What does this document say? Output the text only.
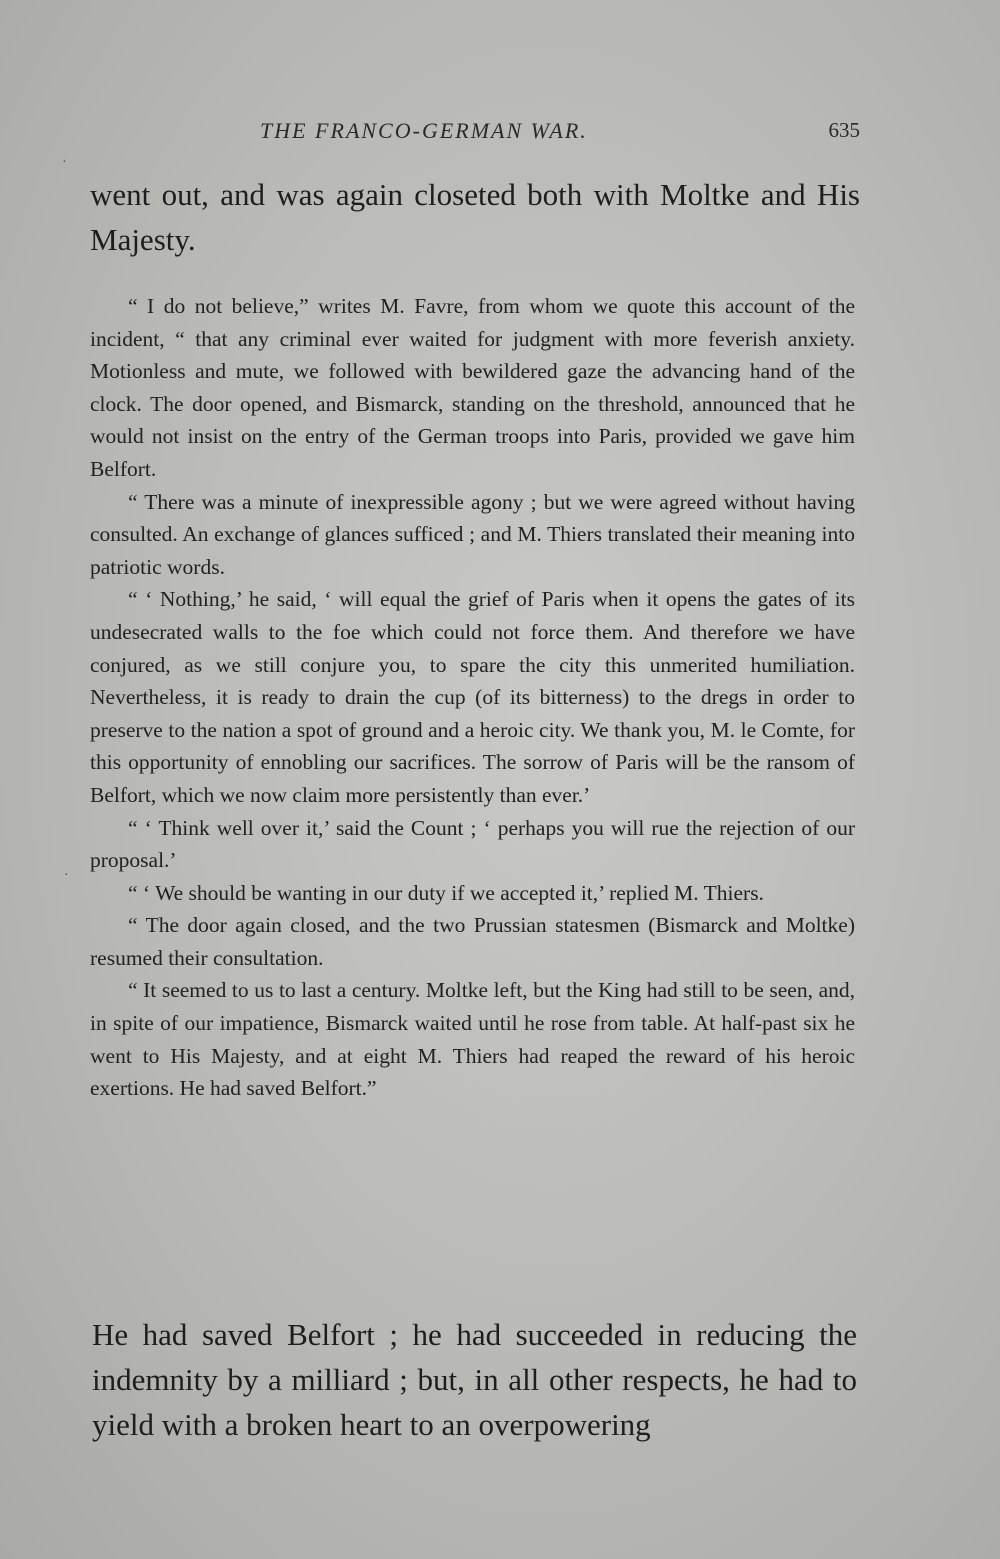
THE FRANCO-GERMAN WAR.	635
went out, and was again closeted both with Moltke and His Majesty.

“ I do not believe,” writes M. Favre, from whom we quote this account of the incident, “ that any criminal ever waited for judgment with more feverish anxiety. Motionless and mute, we followed with bewildered gaze the advancing hand of the clock. The door opened, and Bismarck, standing on the threshold, announced that he would not insist on the entry of the German troops into Paris, provided we gave him Belfort.

“ There was a minute of inexpressible agony ; but we were agreed without having consulted. An exchange of glances sufficed ; and M. Thiers translated their meaning into patriotic words.

“ ‘ Nothing,’ he said, ‘ will equal the grief of Paris when it opens the gates of its undesecrated walls to the foe which could not force them. And therefore we have conjured, as we still conjure you, to spare the city this unmerited humiliation. Nevertheless, it is ready to drain the cup (of its bitterness) to the dregs in order to preserve to the nation a spot of ground and a heroic city. We thank you, M. le Comte, for this opportunity of ennobling our sacrifices. The sorrow of Paris will be the ransom of Belfort, which we now claim more persistently than ever.’

“ ‘ Think well over it,’ said the Count ; ‘ perhaps you will rue the rejection of our proposal.’

“ ‘ We should be wanting in our duty if we accepted it,’ replied M. Thiers.

“ The door again closed, and the two Prussian statesmen (Bismarck and Moltke) resumed their consultation.

“ It seemed to us to last a century. Moltke left, but the King had still to be seen, and, in spite of our impatience, Bismarck waited until he rose from table. At half-past six he went to His Majesty, and at eight M. Thiers had reaped the reward of his heroic exertions. He had saved Belfort.”

He had saved Belfort ; he had succeeded in reducing the indemnity by a milliard ; but, in all other respects, he had to yield with a broken heart to an overpowering
·
·
